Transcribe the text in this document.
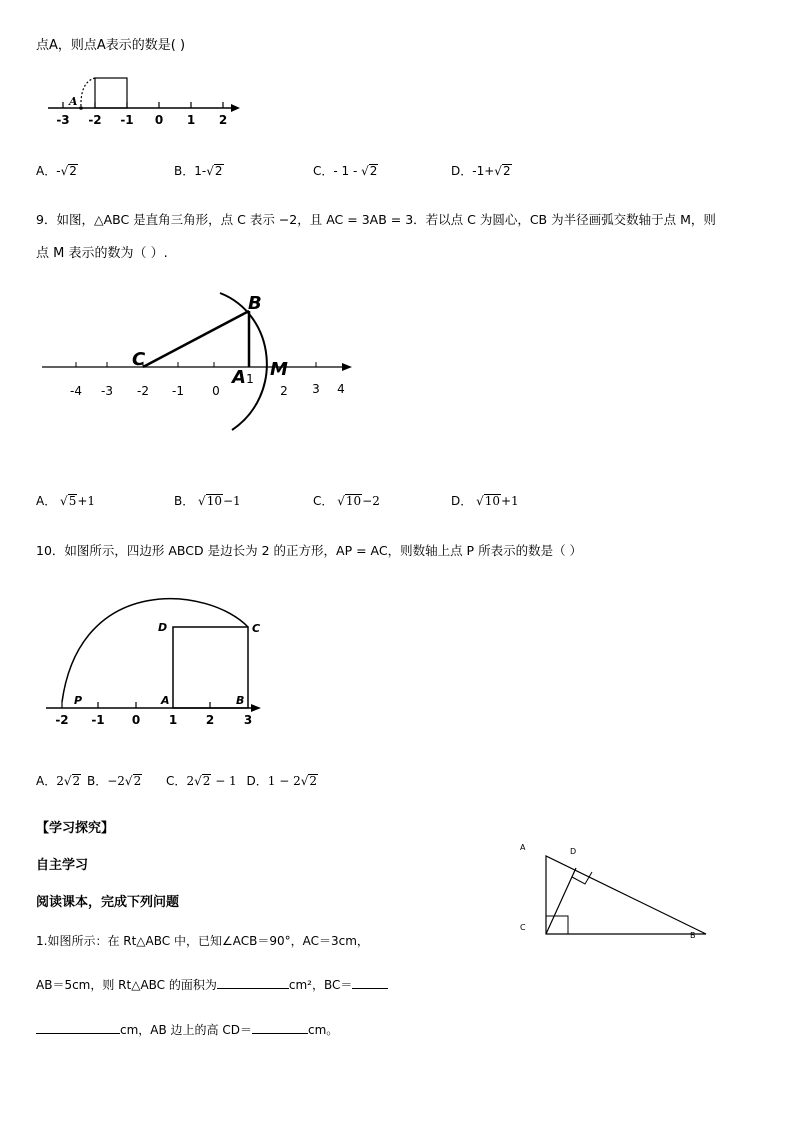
点A，则点A表示的数是( )
A
-3 -2 -1 0 1 2
A．-√2	B．1-√2	C．- 1 - √2	D．-1+√2
9．如图，△ABC 是直角三角形，点 C 表示 −2，且 AC = 3AB = 3．若以点 C 为圆心，CB 为半径画弧交数轴于点 M，则
点 M 表示的数为（ ）.
B
C
A M
-4 -3 -2 -1 0
1
2 3 4
A． √5+1	B． √10−1	C． √10−2	D． √10+1
10．如图所示，四边形 ABCD 是边长为 2 的正方形，AP = AC，则数轴上点 P 所表示的数是（ ）
P	A	B
C
D
-2 -1 0 1 2 3
A．2√2 B．−2√2 C．2√2 − 1 D．1 − 2√2
【学习探究】
自主学习
阅读课本，完成下列问题
1.如图所示：在 Rt△ABC 中，已知∠ACB＝90°，AC＝3cm，
AB＝5cm，则 Rt△ABC 的面积为	cm²，BC＝
cm，AB 边上的高 CD＝	cm。
A	D
C
B
